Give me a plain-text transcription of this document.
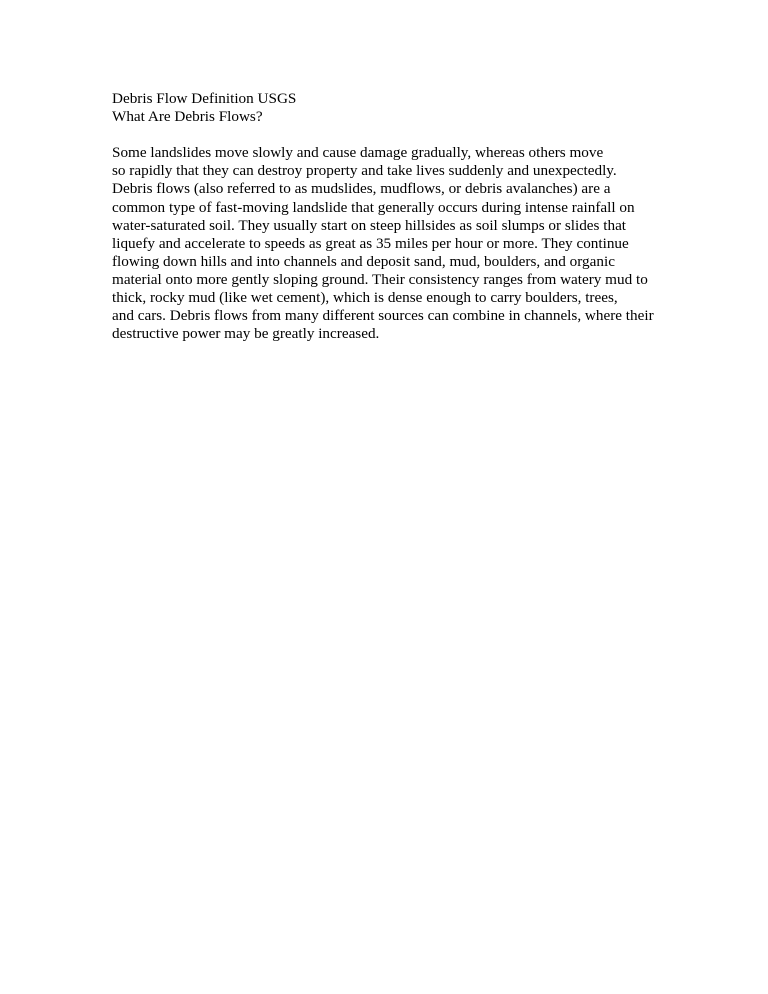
Debris Flow Definition USGS
What Are Debris Flows?
Some landslides move slowly and cause damage gradually, whereas others move
so rapidly that they can destroy property and take lives suddenly and unexpectedly.
Debris flows (also referred to as mudslides, mudflows, or debris avalanches) are a
common type of fast-moving landslide that generally occurs during intense rainfall on
water-saturated soil. They usually start on steep hillsides as soil slumps or slides that
liquefy and accelerate to speeds as great as 35 miles per hour or more. They continue
flowing down hills and into channels and deposit sand, mud, boulders, and organic
material onto more gently sloping ground. Their consistency ranges from watery mud to
thick, rocky mud (like wet cement), which is dense enough to carry boulders, trees,
and cars. Debris flows from many different sources can combine in channels, where their
destructive power may be greatly increased.
